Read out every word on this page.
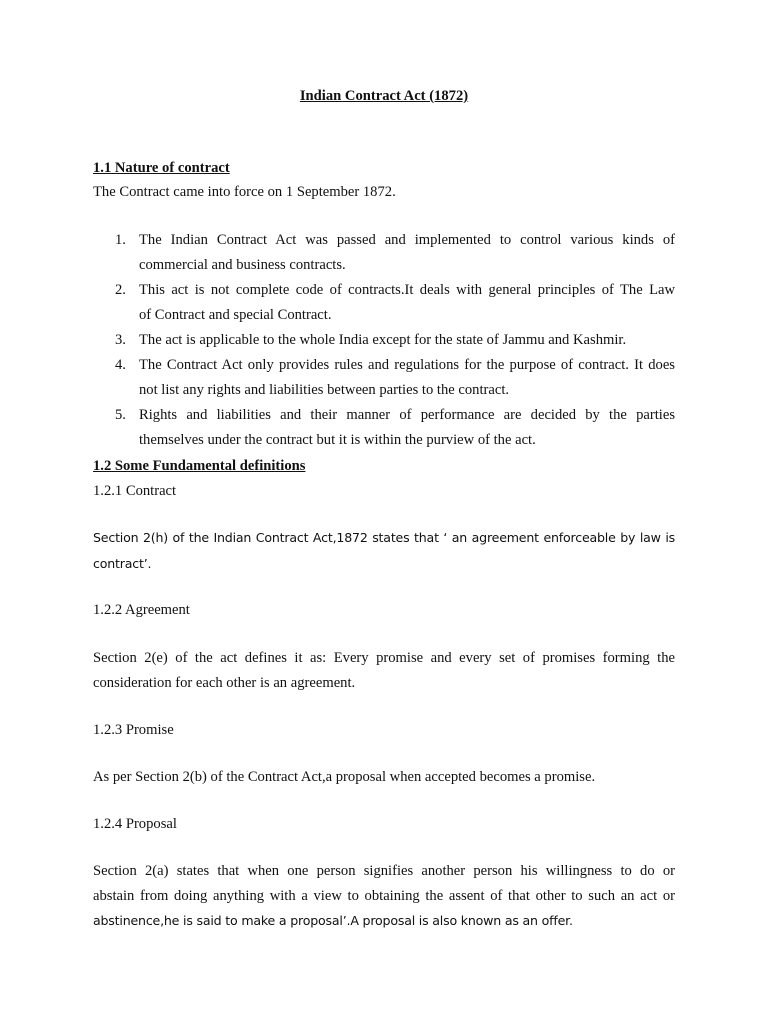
Indian Contract Act (1872)
1.1 Nature of contract
The Contract came into force on 1 September 1872.
1. The Indian Contract Act was passed and implemented to control various kinds of
commercial and business contracts.
2. This act is not complete code of contracts.It deals with general principles of The Law
of Contract and special Contract.
3. The act is applicable to the whole India except for the state of Jammu and Kashmir.
4. The Contract Act only provides rules and regulations for the purpose of contract. It does
not list any rights and liabilities between parties to the contract.
5. Rights and liabilities and their manner of performance are decided by the parties
themselves under the contract but it is within the purview of the act.
1.2 Some Fundamental definitions
1.2.1 Contract
Section 2(h) of the Indian Contract Act,1872 states that ‘ an agreement enforceable by law is
contract’.
1.2.2 Agreement
Section 2(e) of the act defines it as: Every promise and every set of promises forming the
consideration for each other is an agreement.
1.2.3 Promise
As per Section 2(b) of the Contract Act,a proposal when accepted becomes a promise.
1.2.4 Proposal
Section 2(a) states that when one person signifies another person his willingness to do or
abstain from doing anything with a view to obtaining the assent of that other to such an act or
abstinence,he is said to make a proposal’.A proposal is also known as an offer.
